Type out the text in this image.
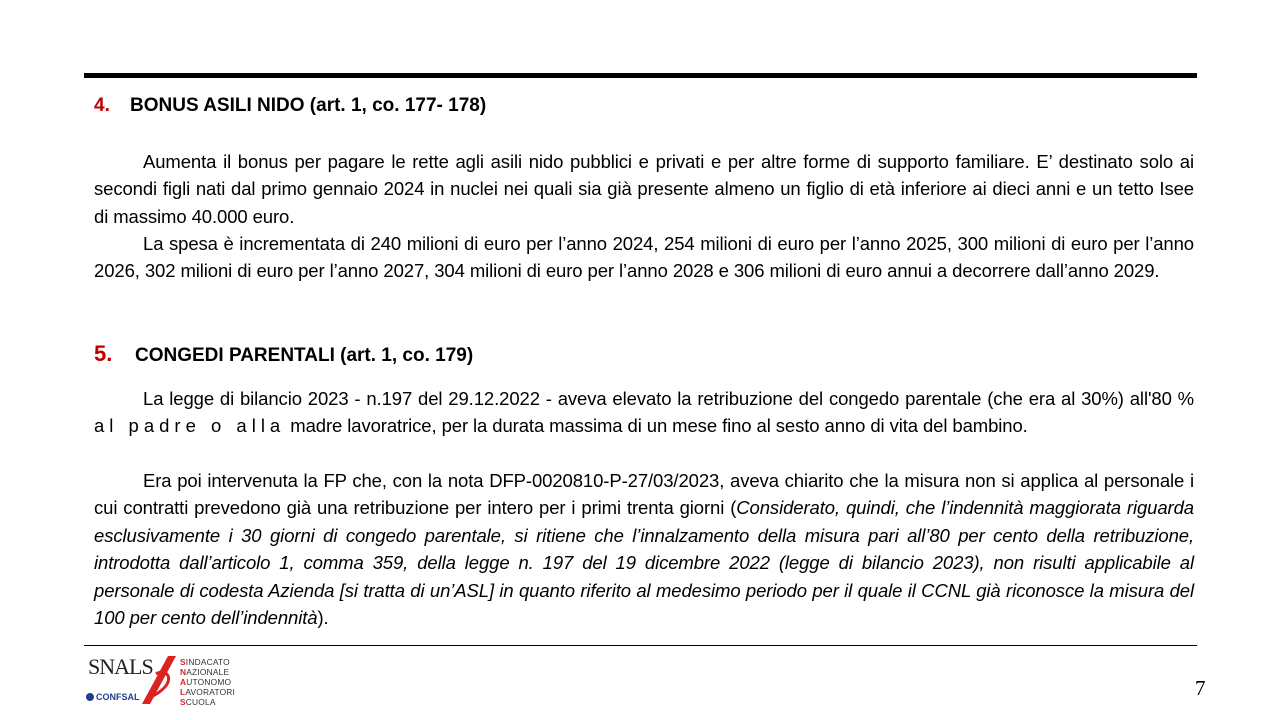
4. BONUS ASILI NIDO (art. 1, co. 177- 178)

Aumenta il bonus per pagare le rette agli asili nido pubblici e privati e per altre forme di supporto familiare. E’ destinato solo ai secondi figli nati dal primo gennaio 2024 in nuclei nei quali sia già presente almeno un figlio di età inferiore ai dieci anni e un tetto Isee di massimo 40.000 euro.

La spesa è incrementata di 240 milioni di euro per l’anno 2024, 254 milioni di euro per l’anno 2025, 300 milioni di euro per l’anno 2026, 302 milioni di euro per l’anno 2027, 304 milioni di euro per l’anno 2028 e 306 milioni di euro annui a decorrere dall’anno 2029.

5. CONGEDI PARENTALI (art. 1, co. 179)

La legge di bilancio 2023 - n.197 del 29.12.2022 - aveva elevato la retribuzione del congedo parentale (che era al 30%) all'80 % al padre o alla madre lavoratrice, per la durata massima di un mese fino al sesto anno di vita del bambino.

Era poi intervenuta la FP che, con la nota DFP-0020810-P-27/03/2023, aveva chiarito che la misura non si applica al personale i cui contratti prevedono già una retribuzione per intero per i primi trenta giorni (Considerato, quindi, che l’indennità maggiorata riguarda esclusivamente i 30 giorni di congedo parentale, si ritiene che l’innalzamento della misura pari all’80 per cento della retribuzione, introdotta dall’articolo 1, comma 359, della legge n. 197 del 19 dicembre 2022 (legge di bilancio 2023), non risulti applicabile al personale di codesta Azienda [si tratta di un’ASL] in quanto riferito al medesimo periodo per il quale il CCNL già riconosce la misura del 100 per cento dell’indennità).

SNALS
CONFSAL
SINDACATO
NAZIONALE
AUTONOMO
LAVORATORI
SCUOLA
7
